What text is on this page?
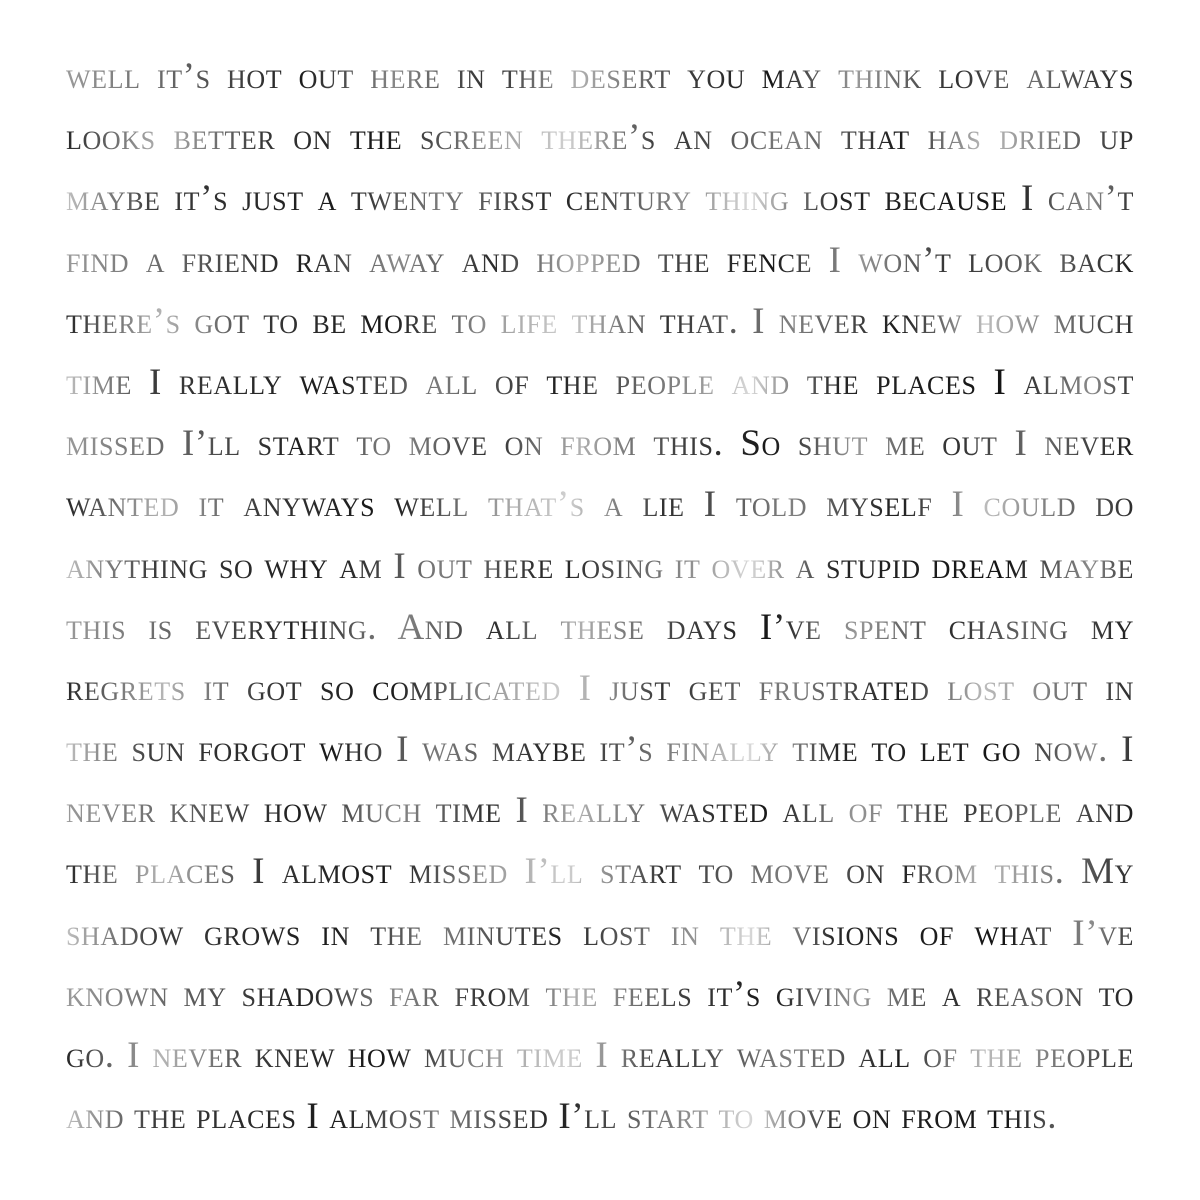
well it’s hot out here in the desert you may think love always
looks better on the screen there’s an ocean that has dried up
maybe it’s just a twenty first century thing lost because I can’t
find a friend ran away and hopped the fence I won’t look back
there’s got to be more to life than that. I never knew how much
time I really wasted all of the people and the places I almost
missed I’ll start to move on from this. So shut me out I never
wanted it anyways well that’s a lie I told myself I could do
anything so why am I out here losing it over a stupid dream maybe
this is everything. And all these days I’ve spent chasing my
regrets it got so complicated I just get frustrated lost out in
the sun forgot who I was maybe it’s finally time to let go now. I
never knew how much time I really wasted all of the people and
the places I almost missed I’ll start to move on from this. My
shadow grows in the minutes lost in the visions of what I’ve
known my shadows far from the feels it’s giving me a reason to
go. I never knew how much time I really wasted all of the people
and the places I almost missed I’ll start to move on from this.
